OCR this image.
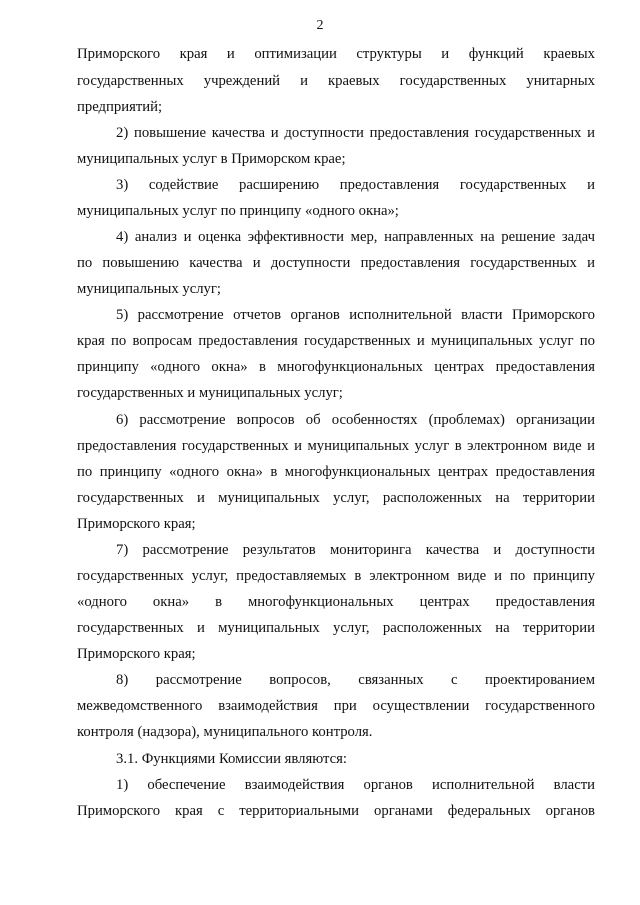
2
Приморского края и оптимизации структуры и функций краевых
государственных учреждений и краевых государственных унитарных
предприятий;
2) повышение качества и доступности предоставления государственных и
муниципальных услуг в Приморском крае;
3) содействие расширению предоставления государственных и
муниципальных услуг по принципу «одного окна»;
4) анализ и оценка эффективности мер, направленных на решение задач
по повышению качества и доступности предоставления государственных и
муниципальных услуг;
5) рассмотрение отчетов органов исполнительной власти Приморского
края по вопросам предоставления государственных и муниципальных услуг по
принципу «одного окна» в многофункциональных центрах предоставления
государственных и муниципальных услуг;
6) рассмотрение вопросов об особенностях (проблемах) организации
предоставления государственных и муниципальных услуг в электронном виде и
по принципу «одного окна» в многофункциональных центрах предоставления
государственных и муниципальных услуг, расположенных на территории
Приморского края;
7) рассмотрение результатов мониторинга качества и доступности
государственных услуг, предоставляемых в электронном виде и по принципу
«одного окна» в многофункциональных центрах предоставления
государственных и муниципальных услуг, расположенных на территории
Приморского края;
8) рассмотрение вопросов, связанных с проектированием
межведомственного взаимодействия при осуществлении государственного
контроля (надзора), муниципального контроля.
3.1. Функциями Комиссии являются:
1) обеспечение взаимодействия органов исполнительной власти
Приморского края с территориальными органами федеральных органов
